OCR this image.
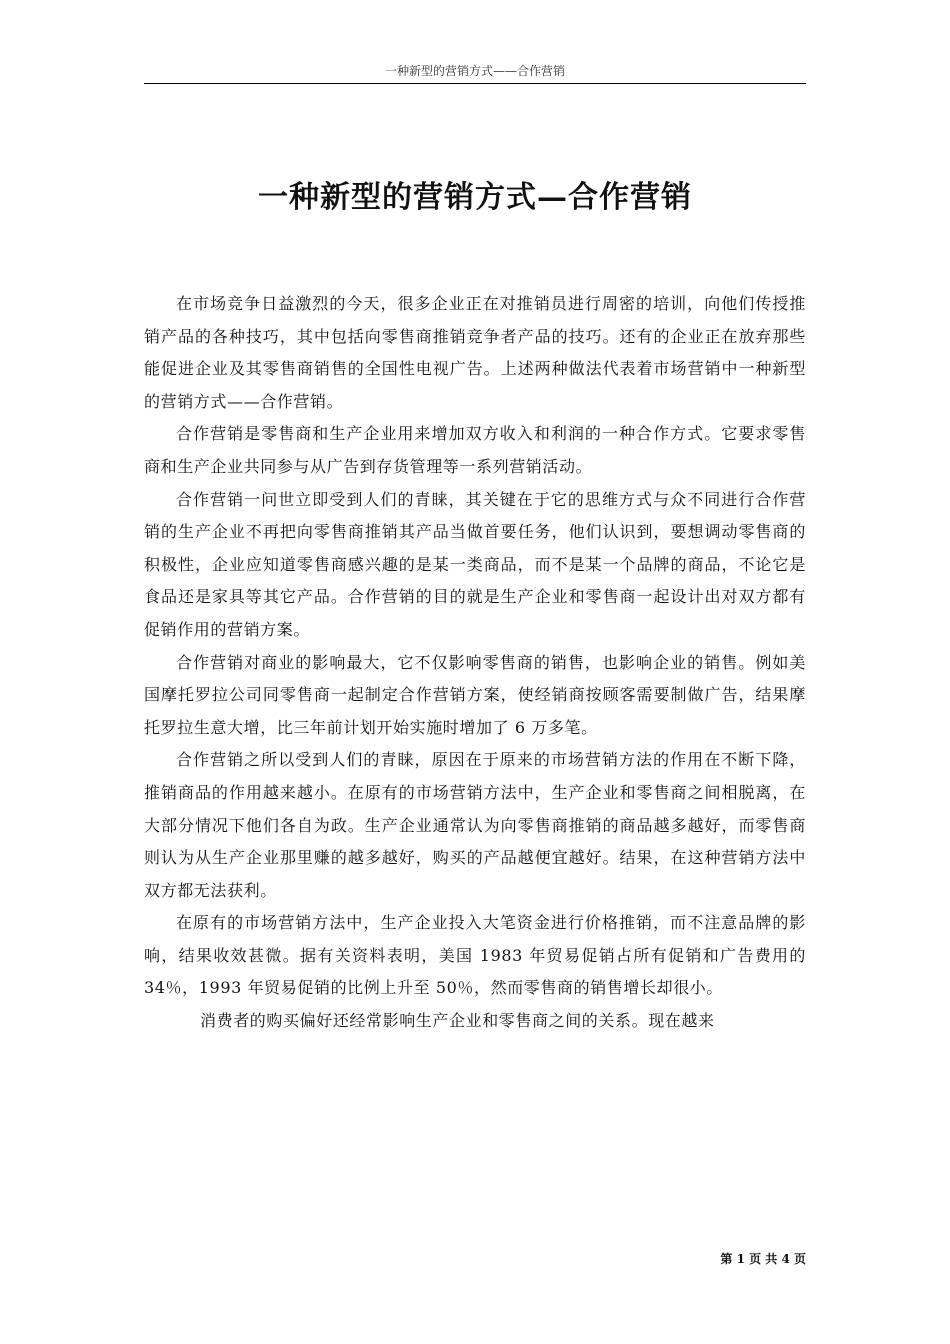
一种新型的营销方式——合作营销
一种新型的营销方式—合作营销

在市场竞争日益激烈的今天，很多企业正在对推销员进行周密的培训，向他们传授推销产品的各种技巧，其中包括向零售商推销竞争者产品的技巧。还有的企业正在放弃那些能促进企业及其零售商销售的全国性电视广告。上述两种做法代表着市场营销中一种新型的营销方式——合作营销。

合作营销是零售商和生产企业用来增加双方收入和利润的一种合作方式。它要求零售商和生产企业共同参与从广告到存货管理等一系列营销活动。

合作营销一问世立即受到人们的青睐，其关键在于它的思维方式与众不同进行合作营销的生产企业不再把向零售商推销其产品当做首要任务，他们认识到，要想调动零售商的积极性，企业应知道零售商感兴趣的是某一类商品，而不是某一个品牌的商品，不论它是食品还是家具等其它产品。合作营销的目的就是生产企业和零售商一起设计出对双方都有促销作用的营销方案。

合作营销对商业的影响最大，它不仅影响零售商的销售，也影响企业的销售。例如美国摩托罗拉公司同零售商一起制定合作营销方案，使经销商按顾客需要制做广告，结果摩托罗拉生意大增，比三年前计划开始实施时增加了 6 万多笔。

合作营销之所以受到人们的青睐，原因在于原来的市场营销方法的作用在不断下降，推销商品的作用越来越小。在原有的市场营销方法中，生产企业和零售商之间相脱离，在大部分情况下他们各自为政。生产企业通常认为向零售商推销的商品越多越好，而零售商则认为从生产企业那里赚的越多越好，购买的产品越便宜越好。结果，在这种营销方法中双方都无法获利。

在原有的市场营销方法中，生产企业投入大笔资金进行价格推销，而不注意品牌的影响，结果收效甚微。据有关资料表明，美国 1983 年贸易促销占所有促销和广告费用的 34％，1993 年贸易促销的比例上升至 50％，然而零售商的销售增长却很小。

消费者的购买偏好还经常影响生产企业和零售商之间的关系。现在越来

第 1 页 共 4 页
